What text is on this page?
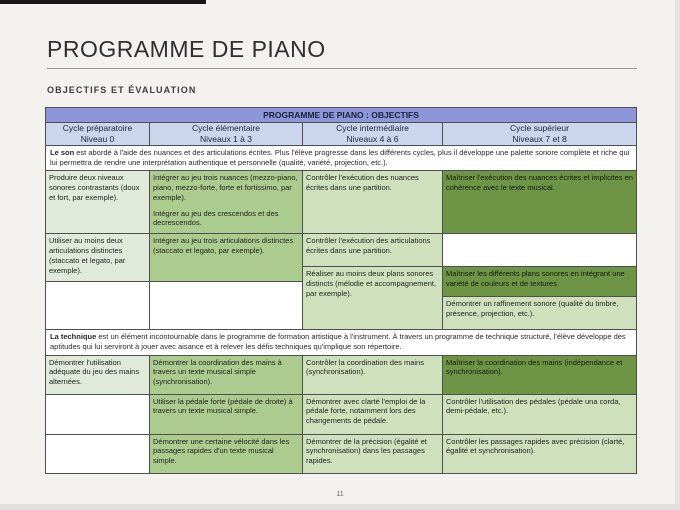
PROGRAMME DE PIANO
OBJECTIFS ET ÉVALUATION
PROGRAMME DE PIANO : OBJECTIFS
Cycle préparatoire
Niveau 0
Cycle élémentaire
Niveaux 1 à 3
Cycle intermédiaire
Niveaux 4 à 6
Cycle supérieur
Niveaux 7 et 8
Le son est abordé à l'aide des nuances et des articulations écrites. Plus l'élève progresse dans les différents cycles, plus il développe une palette sonore complète et riche qui lui permettra de rendre une interprétation authentique et personnelle (qualité, variété, projection, etc.).
Produire deux niveaux sonores contrastants (doux et fort, par exemple).
Utiliser au moins deux articulations distinctes (staccato et legato, par exemple).

Intégrer au jeu trois nuances (mezzo-piano, piano, mezzo-forte, forte et fortissimo, par exemple).

Intégrer au jeu des crescendos et des decrescendos.

Intégrer au jeu trois articulations distinctes (staccato et legato, par exemple).
Contrôler l'exécution des nuances écrites dans une partition.
Contrôler l'exécution des articulations écrites dans une partition.
Réaliser au moins deux plans sonores distincts (mélodie et accompagnement, par exemple).
Maîtriser l'exécution des nuances écrites et implicites en cohérence avec le texte musical.
Maîtriser les différents plans sonores en intégrant une variété de couleurs et de textures.
Démontrer un raffinement sonore (qualité du timbre, présence, projection, etc.).
La technique est un élément incontournable dans le programme de formation artistique à l'instrument. À travers un programme de technique structuré, l'élève développe des aptitudes qui lui serviront à jouer avec aisance et à relever les défis techniques qu'implique son répertoire.
Démontrer l'utilisation adéquate du jeu des mains alternées.
Démontrer la coordination des mains à travers un texte musical simple (synchronisation).
Utiliser la pédale forte (pédale de droite) à travers un texte musical simple.
Démontrer une certaine vélocité dans les passages rapides d'un texte musical simple.
Contrôler la coordination des mains (synchronisation).
Démontrer avec clarté l'emploi de la pédale forte, notamment lors des changements de pédale.
Démontrer de la précision (égalité et synchronisation) dans les passages rapides.
Maîtriser la coordination des mains (indépendance et synchronisation).
Contrôler l'utilisation des pédales (pédale una corda, demi-pédale, etc.).
Contrôler les passages rapides avec précision (clarté, égalité et synchronisation).
11
